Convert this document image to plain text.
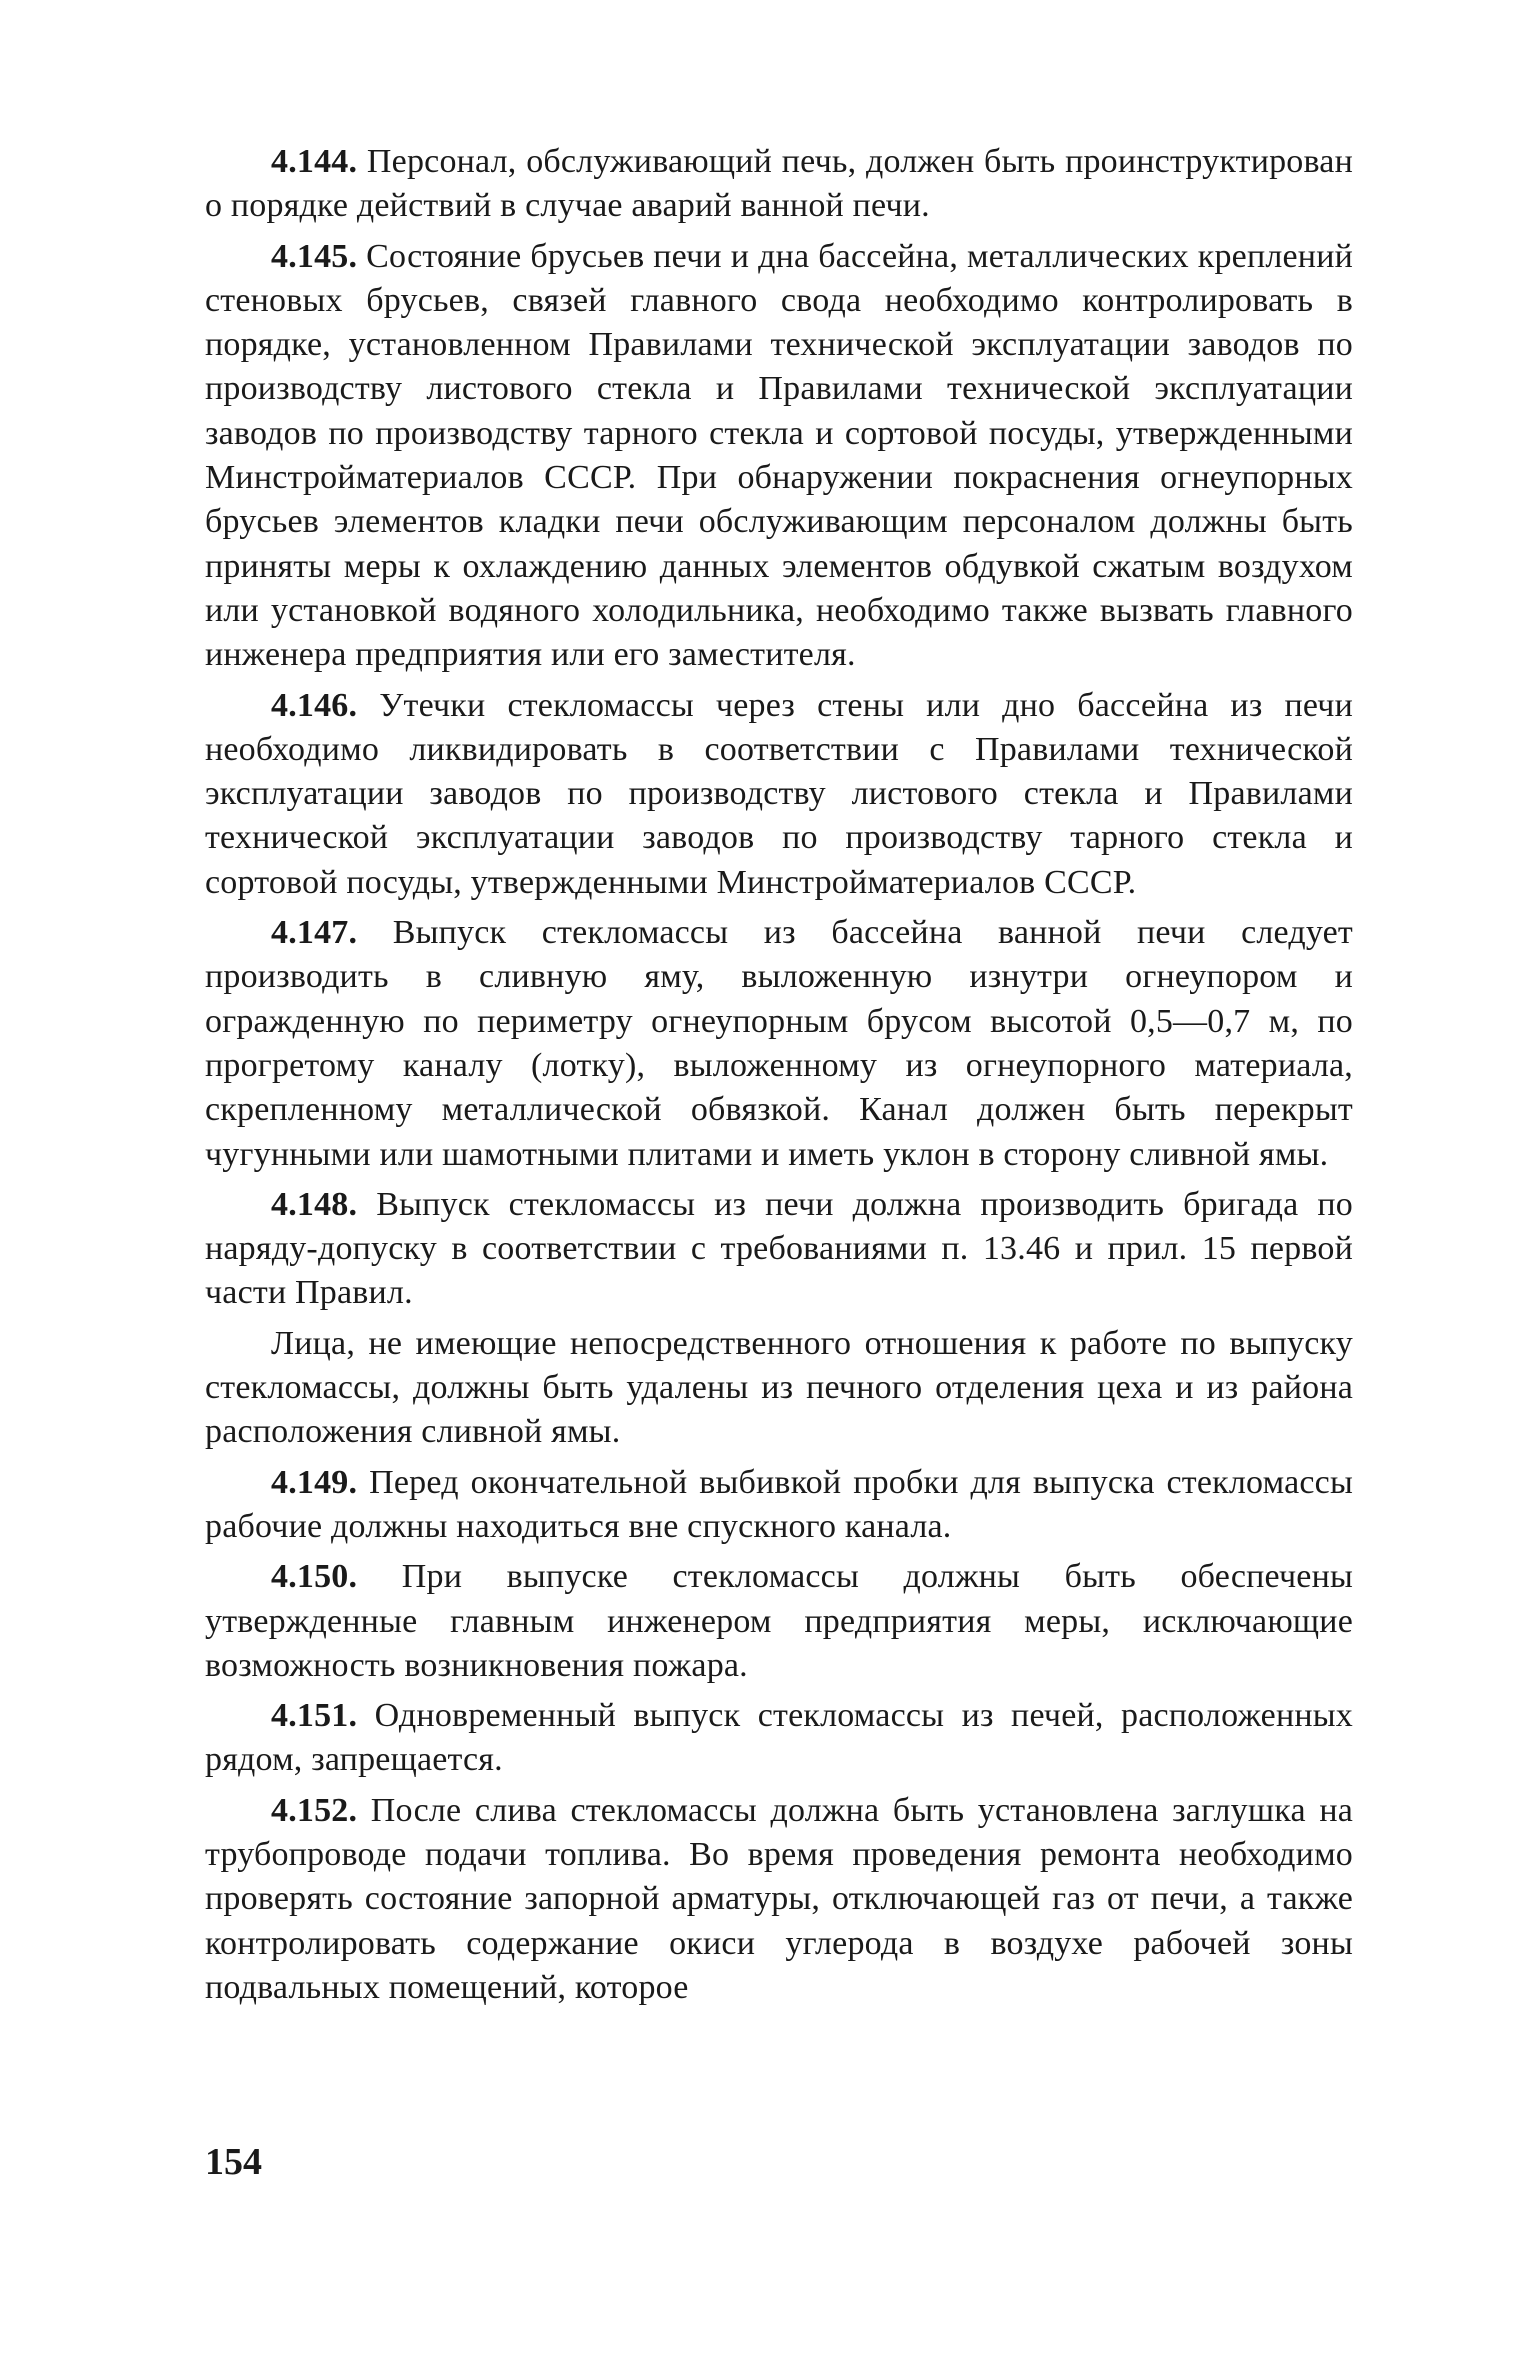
4.144. Персонал, обслуживающий печь, должен быть проинструктирован о порядке действий в случае аварий ванной печи.

4.145. Состояние брусьев печи и дна бассейна, металлических креплений стеновых брусьев, связей главного свода необходимо контролировать в порядке, установленном Правилами технической эксплуатации заводов по производству листового стекла и Правилами технической эксплуатации заводов по производству тарного стекла и сортовой посуды, утвержденными Минстройматериалов СССР. При обнаружении покраснения огнеупорных брусьев элементов кладки печи обслуживающим персоналом должны быть приняты меры к охлаждению данных элементов обдувкой сжатым воздухом или установкой водяного холодильника, необходимо также вызвать главного инженера предприятия или его заместителя.

4.146. Утечки стекломассы через стены или дно бассейна из печи необходимо ликвидировать в соответствии с Правилами технической эксплуатации заводов по производству листового стекла и Правилами технической эксплуатации заводов по производству тарного стекла и сортовой посуды, утвержденными Минстройматериалов СССР.

4.147. Выпуск стекломассы из бассейна ванной печи следует производить в сливную яму, выложенную изнутри огнеупором и огражденную по периметру огнеупорным брусом высотой 0,5—0,7 м, по прогретому каналу (лотку), выложенному из огнеупорного материала, скрепленному металлической обвязкой. Канал должен быть перекрыт чугунными или шамотными плитами и иметь уклон в сторону сливной ямы.

4.148. Выпуск стекломассы из печи должна производить бригада по наряду-допуску в соответствии с требованиями п. 13.46 и прил. 15 первой части Правил.

Лица, не имеющие непосредственного отношения к работе по выпуску стекломассы, должны быть удалены из печного отделения цеха и из района расположения сливной ямы.

4.149. Перед окончательной выбивкой пробки для выпуска стекломассы рабочие должны находиться вне спускного канала.

4.150. При выпуске стекломассы должны быть обеспечены утвержденные главным инженером предприятия меры, исключающие возможность возникновения пожара.

4.151. Одновременный выпуск стекломассы из печей, расположенных рядом, запрещается.

4.152. После слива стекломассы должна быть установлена заглушка на трубопроводе подачи топлива. Во время проведения ремонта необходимо проверять состояние запорной арматуры, отключающей газ от печи, а также контролировать содержание окиси углерода в воздухе рабочей зоны подвальных помещений, которое

154
